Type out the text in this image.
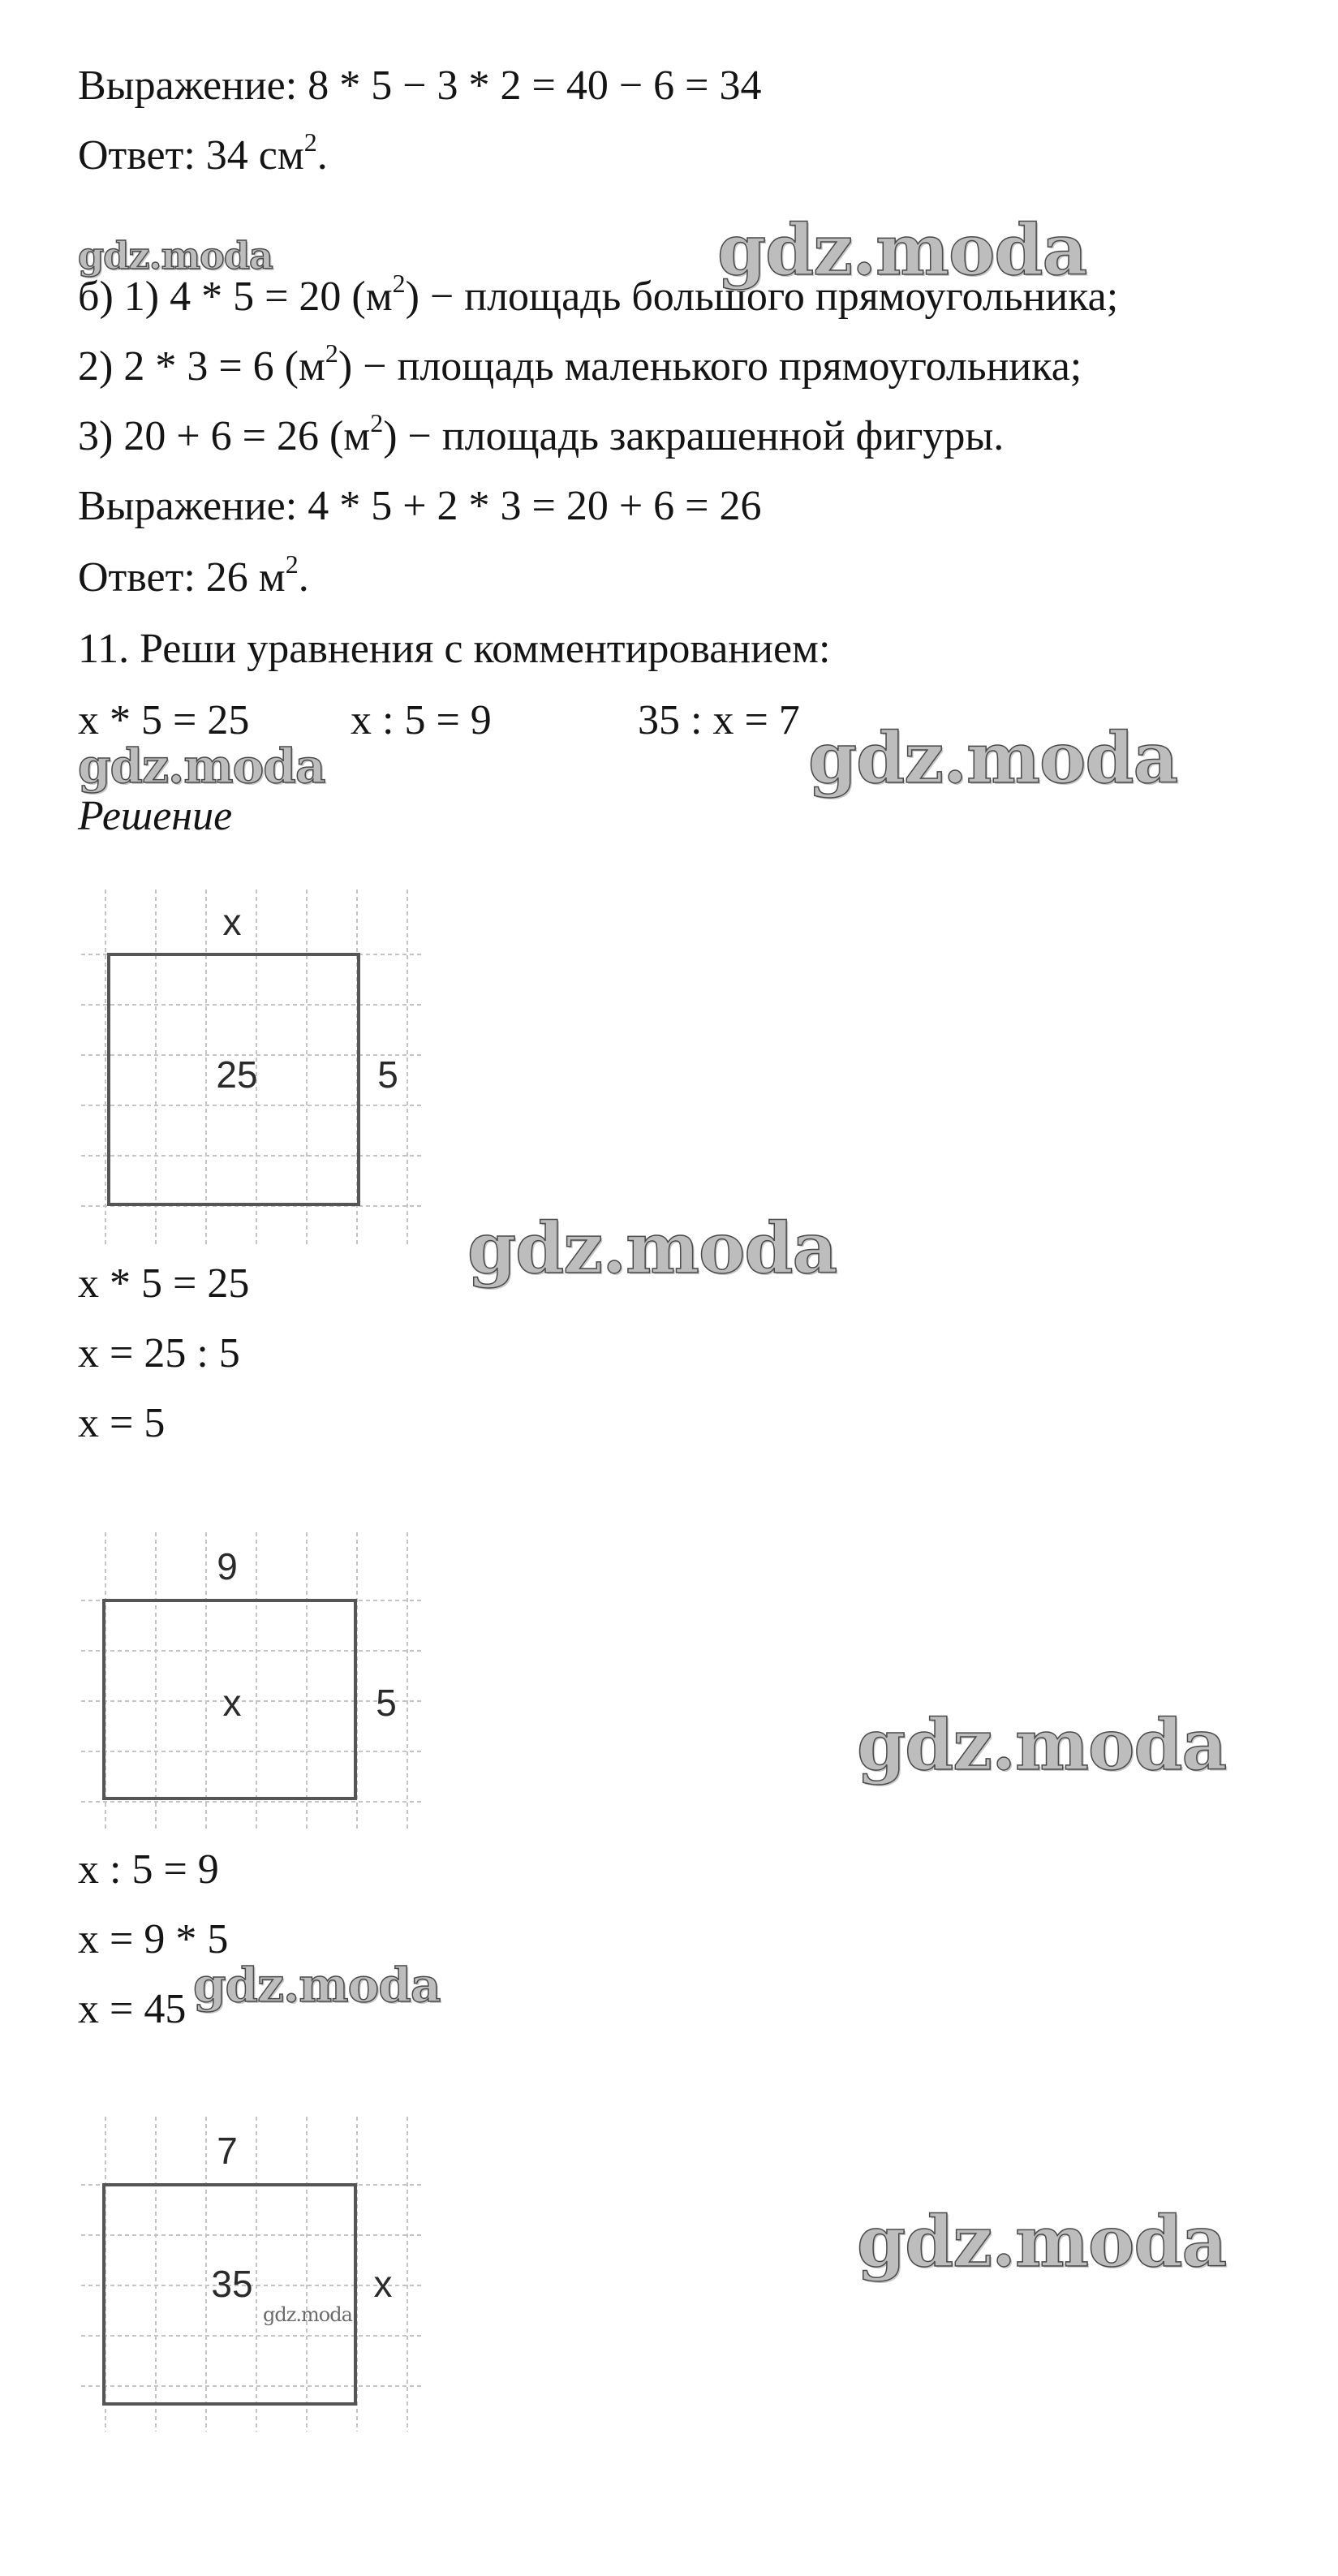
Выражение: 8 * 5 − 3 * 2 = 40 − 6 = 34
Ответ: 34 $см^2$.
б) 1) 4 * 5 = 20 $(м^2)$ − площадь большого прямоугольника;
2) 2 * 3 = 6 $(м^2)$ − площадь маленького прямоугольника;
3) 20 + 6 = 26 $(м^2)$ − площадь закрашенной фигуры.
Выражение: 4 * 5 + 2 * 3 = 20 + 6 = 26
Ответ: 26 $м^2$.
11. Реши уравнения с комментированием:
х * 5 = 25 х : 5 = 9	35 : х = 7
Решение
x
25	5
х * 5 = 25
х = 25 : 5
х = 5
9
x	5
х : 5 = 9
х = 9 * 5
х = 45
7
35	x
gdz.moda
gdz.moda
gdz.moda
gdz.moda
gdz.moda
gdz.moda
gdz.moda
gdz.moda
gdz.moda
